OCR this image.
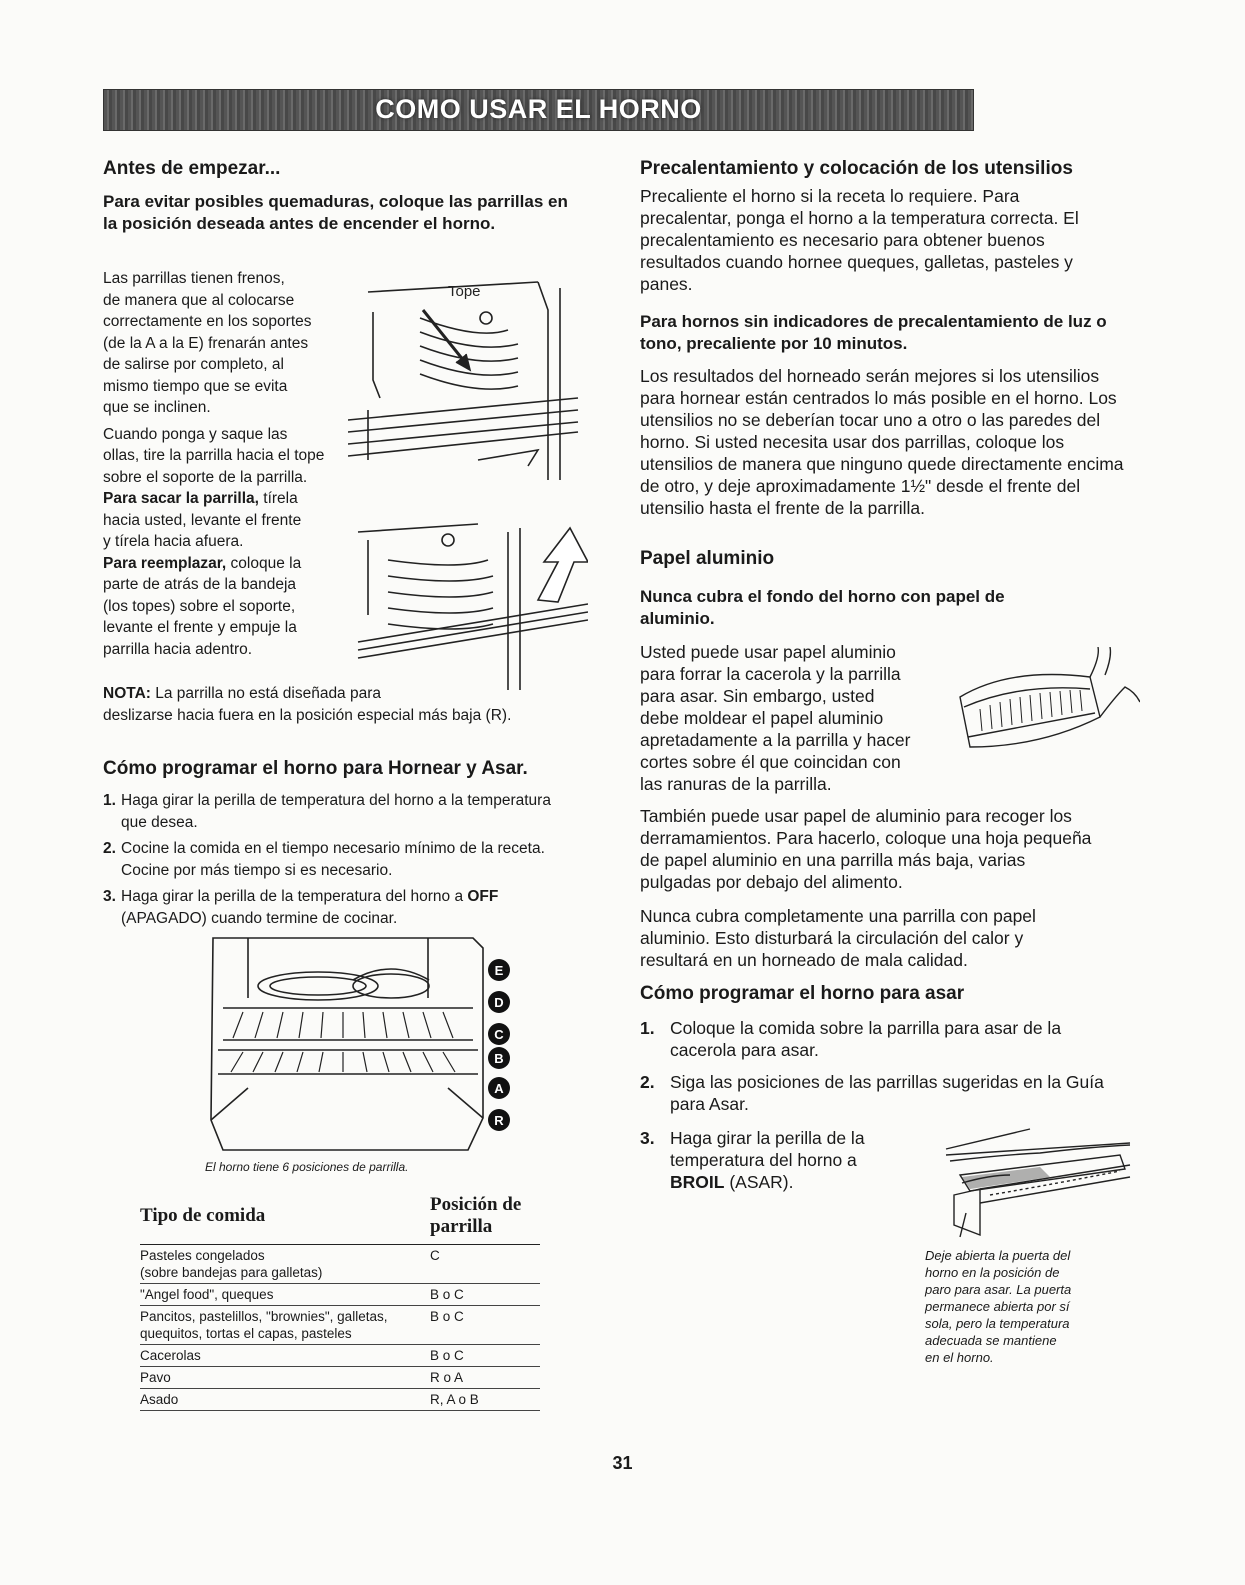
COMO USAR EL HORNO
Antes de empezar...
Para evitar posibles quemaduras, coloque las parrillas en la posición deseada antes de encender el horno.
Las parrillas tienen frenos,
de manera que al colocarse
correctamente en los soportes
(de la A a la E) frenarán antes
de salirse por completo, al
mismo tiempo que se evita
que se inclinen.
Cuando ponga y saque las
ollas, tire la parrilla hacia el tope
sobre el soporte de la parrilla.
Para sacar la parrilla, tírela
hacia usted, levante el frente
y tírela hacia afuera.
Para reemplazar, coloque la
parte de atrás de la bandeja
(los topes) sobre el soporte,
levante el frente y empuje la
parrilla hacia adentro.
Tope
NOTA: La parrilla no está diseñada para
deslizarse hacia fuera en la posición especial más baja (R).
Cómo programar el horno para Hornear y Asar.
1. Haga girar la perilla de temperatura del horno a la temperatura que desea.
2. Cocine la comida en el tiempo necesario mínimo de la receta. Cocine por más tiempo si es necesario.
3. Haga girar la perilla de la temperatura del horno a OFF (APAGADO) cuando termine de cocinar.
E
D
C
B
A
R
El horno tiene 6 posiciones de parrilla.
Tipo de comida	Posición de parrilla

Pasteles congelados
(sobre bandejas para galletas)	C

"Angel food", queques	B o C

Pancitos, pastelillos, "brownies", galletas,
quequitos, tortas el capas, pasteles	B o C

Cacerolas	B o C

Pavo	R o A

Asado	R, A o B
Precalentamiento y colocación de los utensilios

Precaliente el horno si la receta lo requiere. Para precalentar, ponga el horno a la temperatura correcta. El precalentamiento es necesario para obtener buenos resultados cuando hornee queques, galletas, pasteles y panes.

Para hornos sin indicadores de precalentamiento de luz o tono, precaliente por 10 minutos.

Los resultados del horneado serán mejores si los utensilios para hornear están centrados lo más posible en el horno. Los utensilios no se deberían tocar uno a otro o las paredes del horno. Si usted necesita usar dos parrillas, coloque los utensilios de manera que ninguno quede directamente encima de otro, y deje aproximadamente 1½" desde el frente del utensilio hasta el frente de la parrilla.

Papel aluminio
Nunca cubra el fondo del horno con papel de aluminio.
Usted puede usar papel aluminio
para forrar la cacerola y la parrilla
para asar. Sin embargo, usted
debe moldear el papel aluminio
apretadamente a la parrilla y hacer
cortes sobre él que coincidan con
las ranuras de la parrilla.

También puede usar papel de aluminio para recoger los derramamientos. Para hacerlo, coloque una hoja pequeña de papel aluminio en una parrilla más baja, varias pulgadas por debajo del alimento.

Nunca cubra completamente una parrilla con papel aluminio. Esto disturbará la circulación del calor y resultará en un horneado de mala calidad.

Cómo programar el horno para asar
1. Coloque la comida sobre la parrilla para asar de la cacerola para asar.
2. Siga las posiciones de las parrillas sugeridas en la Guía para Asar.
3. Haga girar la perilla de la
temperatura del horno a
BROIL (ASAR).
Deje abierta la puerta del
horno en la posición de
paro para asar. La puerta
permanece abierta por sí
sola, pero la temperatura
adecuada se mantiene
en el horno.
31
